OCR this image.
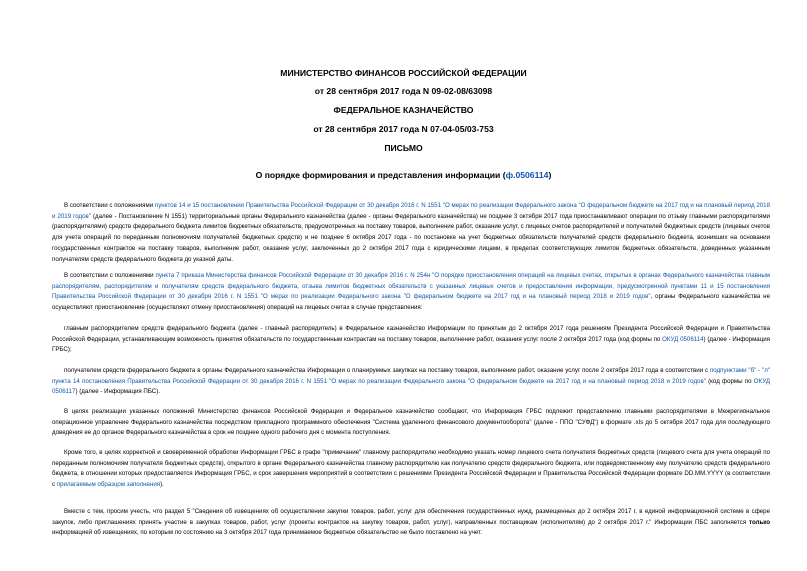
МИНИСТЕРСТВО ФИНАНСОВ РОССИЙСКОЙ ФЕДЕРАЦИИ
от 28 сентября 2017 года N 09-02-08/63098
ФЕДЕРАЛЬНОЕ КАЗНАЧЕЙСТВО
от 28 сентября 2017 года N 07-04-05/03-753
ПИСЬМО
О порядке формирования и представления информации (ф.0506114)
В соответствии с положениями пунктов 14 и 15 постановления Правительства Российской Федерации от 30 декабря 2016 г. N 1551 "О мерах по реализации Федерального закона "О федеральном бюджете на 2017 год и на плановый период 2018 и 2019 годов" (далее - Постановление N 1551) территориальные органы Федерального казначейства (далее - органы Федерального казначейства) не позднее 3 октября 2017 года приостанавливают операции по отзыву главными распорядителями (распорядителями) средств федерального бюджета лимитов бюджетных обязательств, предусмотренных на поставку товаров, выполнение работ, оказание услуг, с лицевых счетов распорядителей и получателей бюджетных средств (лицевых счетов для учета операций по переданным полномочиям получателей бюджетных средств) и не позднее 6 октября 2017 года - по постановке на учет бюджетных обязательств получателей средств федерального бюджета, возникших на основании государственных контрактов на поставку товаров, выполнение работ, оказание услуг, заключенных до 2 октября 2017 года с юридическими лицами, в пределах соответствующих лимитов бюджетных обязательств, доведенных указанным получателям средств федерального бюджета до указной даты.
В соответствии с положениями пункта 7 приказа Министерства финансов Российской Федерации от 30 декабря 2016 г. N 254н "О порядке приостановления операций на лицевых счетах, открытых в органах Федерального казначейства главным распорядителям, распорядителям и получателям средств федерального бюджета, отзыва лимитов бюджетных обязательств с указанных лицевых счетов и предоставления информации, предусмотренной пунктами 11 и 15 постановления Правительства Российской Федерации от 30 декабря 2016 г. N 1551 "О мерах по реализации Федерального закона "О федеральном бюджете на 2017 год и на плановый период 2018 и 2019 годов", органы Федерального казначейства не осуществляют приостановление (осуществляют отмену приостановления) операций на лицевых счетах в случае представления:
главным распорядителем средств федерального бюджета (далее - главный распорядитель) в Федеральное казначейство Информации по принятым до 2 октября 2017 года решениям Президента Российской Федерации и Правительства Российской Федерации, устанавливающим возможность принятия обязательств по государственным контрактам на поставку товаров, выполнение работ, оказания услуг после 2 октября 2017 года (код формы по ОКУД 0506114) (далее - Информация ГРБС);
получателем средств федерального бюджета в органы Федерального казначейства Информации о планируемых закупках на поставку товаров, выполнение работ, оказание услуг после 2 октября 2017 года в соответствии с подпунктами "б" - "л" пункта 14 постановления Правительства Российской Федерации от 30 декабря 2016 г. N 1551 "О мерах по реализации Федерального закона "О федеральном бюджете на 2017 год и на плановый период 2018 и 2019 годов" (код формы по ОКУД 0506117) (далее - Информация ПБС).
В целях реализации указанных положений Министерство финансов Российской Федерации и Федеральное казначейство сообщают, что Информация ГРБС подлежит представлению главными распорядителями в Межрегиональное операционное управление Федерального казначейства посредством прикладного программного обеспечения "Система удаленного финансового документооборота" (далее - ППО "СУФД") в формате .xls до 5 октября 2017 года для последующего доведения ее до органов Федерального казначейства в срок не позднее одного рабочего дня с момента поступления.
Кроме того, в целях корректной и своевременной обработки Информации ГРБС в графе "примечание" главному распорядителю необходимо указать номер лицевого счета получателя бюджетных средств (лицевого счета для учета операций по переданным полномочиям получателя бюджетных средств), открытого в органе Федерального казначейства главному распорядителю как получателю средств федерального бюджета, или подведомственному ему получателю средств федерального бюджета, в отношении которых предоставляется Информация ГРБС, и срок завершения мероприятий в соответствии с решениями Президента Российской Федерации и Правительства Российской Федерации формате DD.MM.YYYY (в соответствии с прилагаемым образцом заполнения).
Вместе с тем, просим учесть, что раздел 5 "Сведения об извещениях об осуществлении закупки товаров, работ, услуг для обеспечения государственных нужд, размещенных до 2 октября 2017 г. в единой информационной системе в сфере закупок, либо приглашениях принять участие в закупках товаров, работ, услуг (проекты контрактов на закупку товаров, работ, услуг), направленных поставщикам (исполнителям) до 2 октября 2017 г." Информации ПБС заполняется только информацией об извещениях, по которым по состоянию на 3 октября 2017 года принимаемое бюджетное обязательство не было поставлено на учет.
